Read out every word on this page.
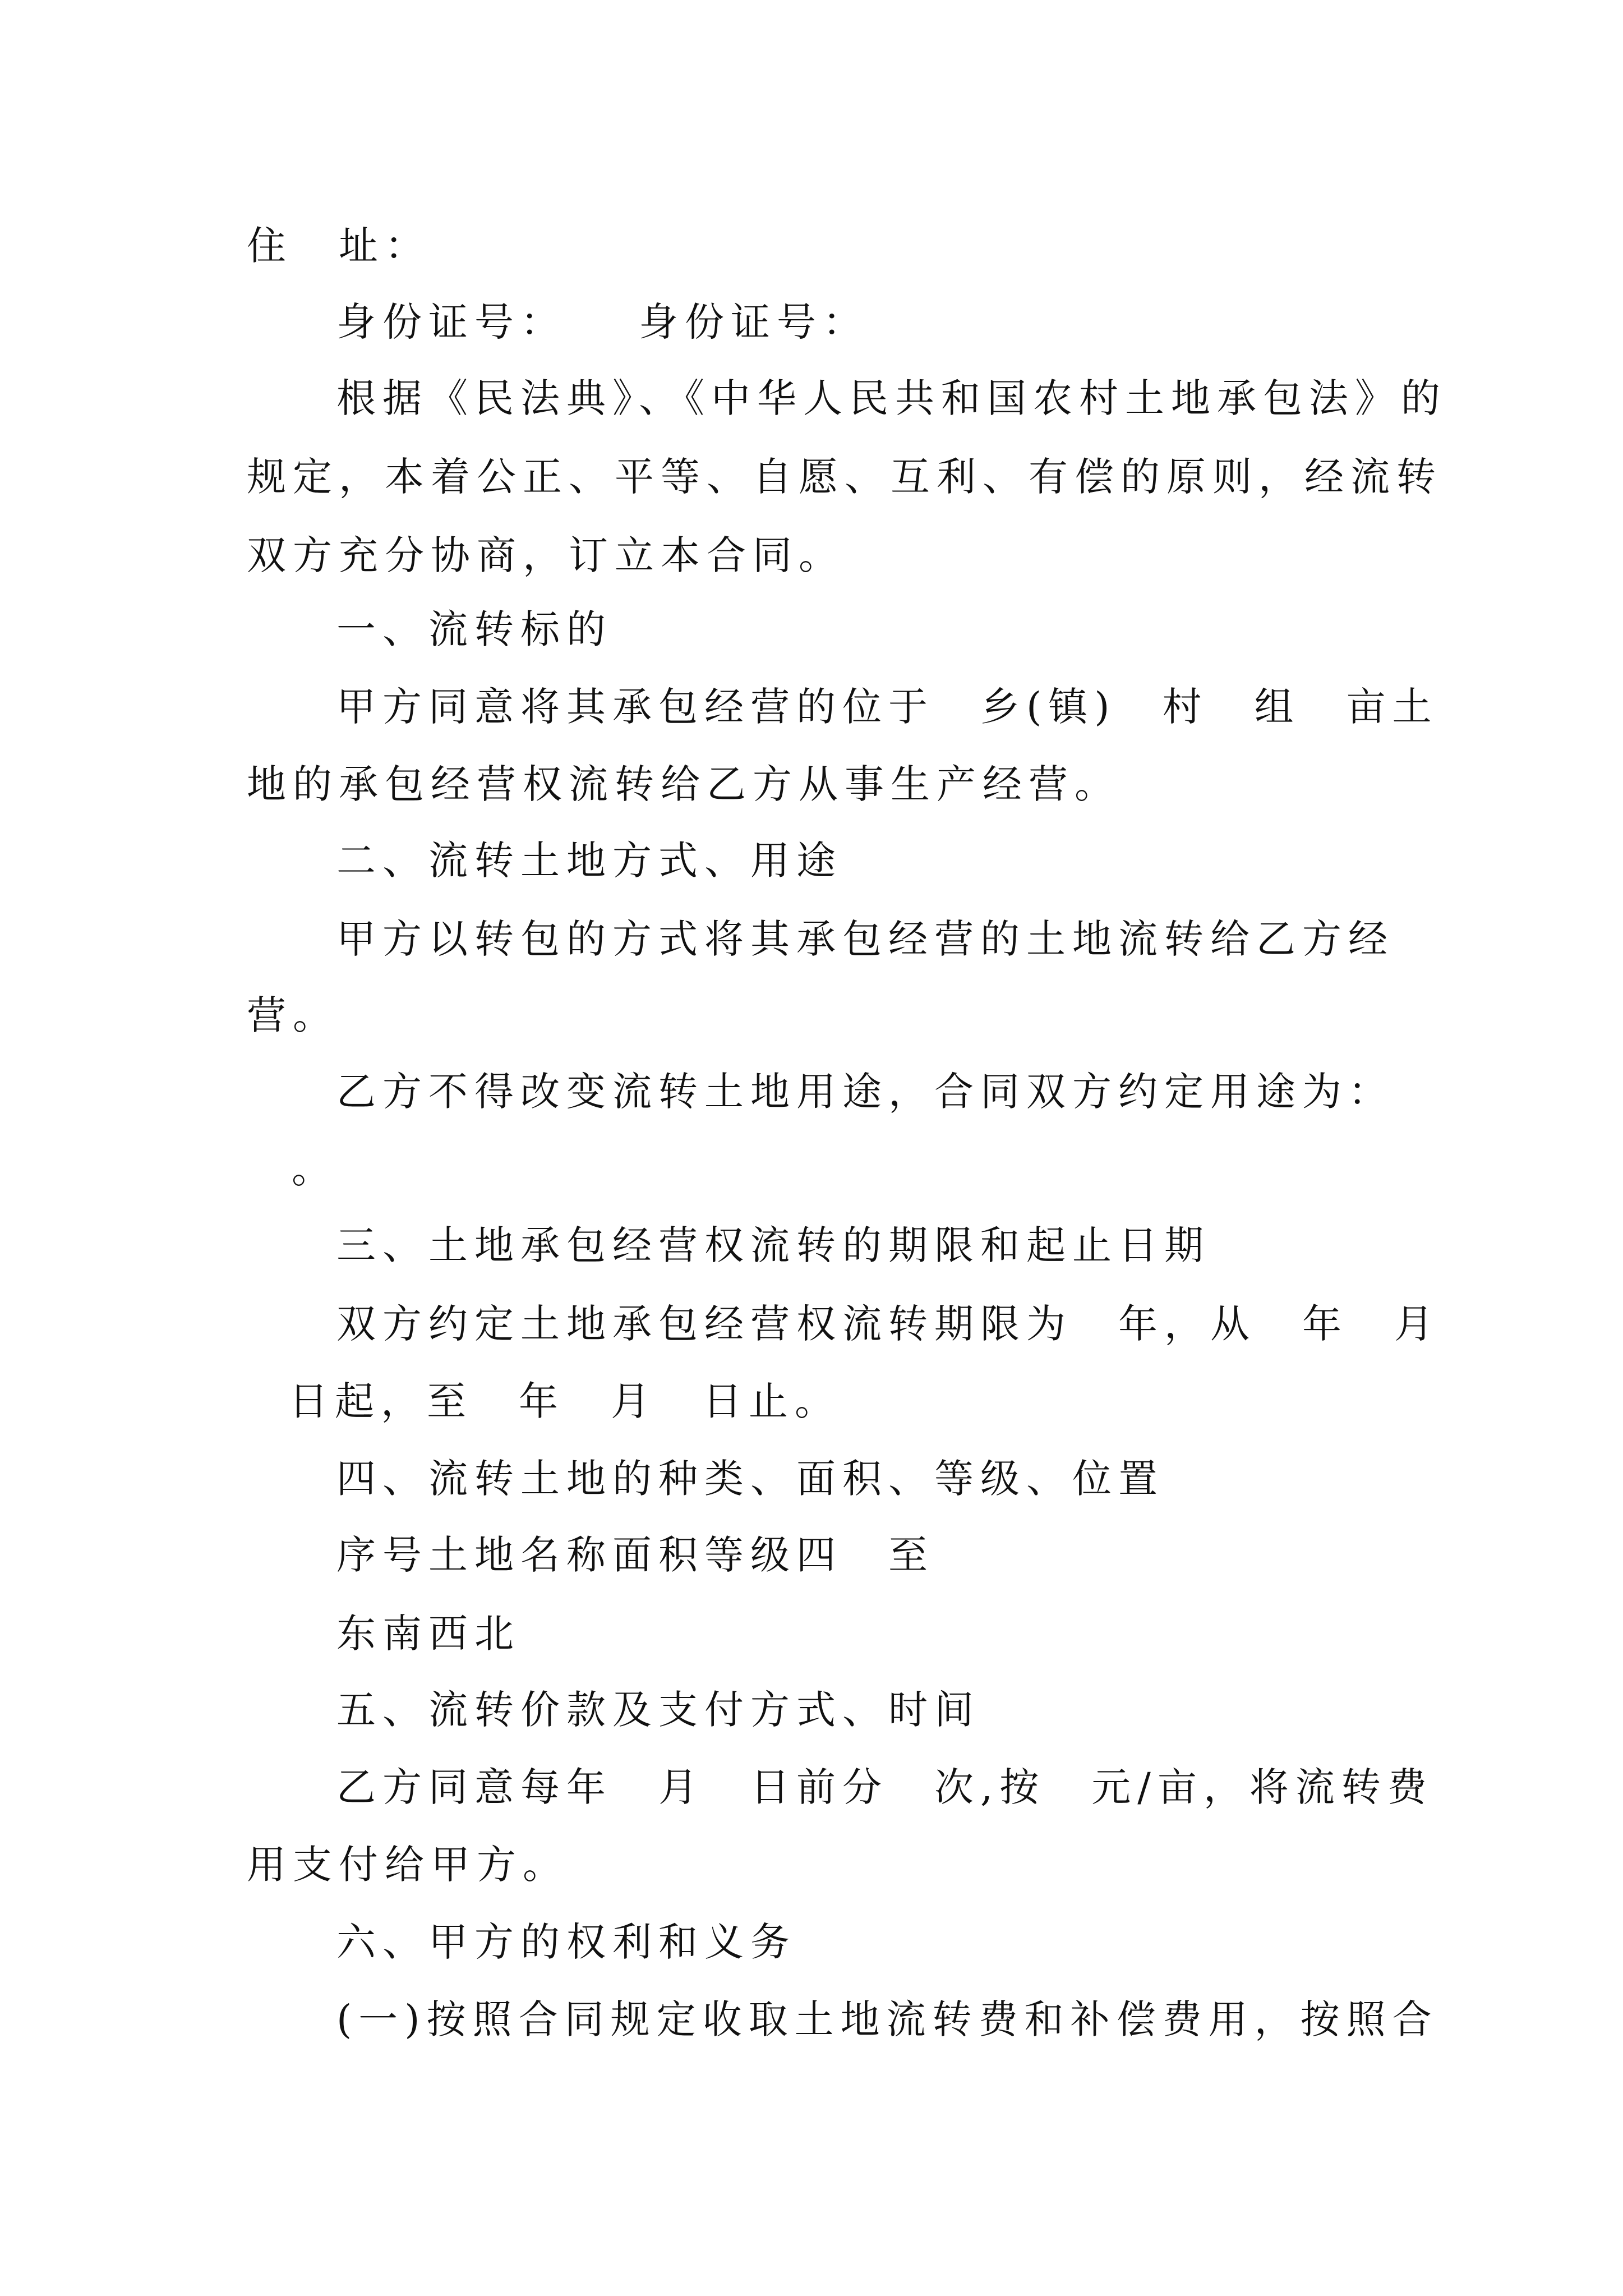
住　址：
身份证号：　　身份证号：
根据《民法典》、《中华人民共和国农村土地承包法》的
规定，本着公正、平等、自愿、互利、有偿的原则，经流转
双方充分协商，订立本合同。
一、流转标的
甲方同意将其承包经营的位于　乡(镇)　村　组　亩土
地的承包经营权流转给乙方从事生产经营。
二、流转土地方式、用途
甲方以转包的方式将其承包经营的土地流转给乙方经
营。
乙方不得改变流转土地用途，合同双方约定用途为：
。
三、土地承包经营权流转的期限和起止日期
双方约定土地承包经营权流转期限为　年，从　年　月
日起，至　年　月　日止。
四、流转土地的种类、面积、等级、位置
序号土地名称面积等级四　至
东南西北
五、流转价款及支付方式、时间
乙方同意每年　月　日前分　次,按　元/亩，将流转费
用支付给甲方。
六、甲方的权利和义务
(一)按照合同规定收取土地流转费和补偿费用，按照合
